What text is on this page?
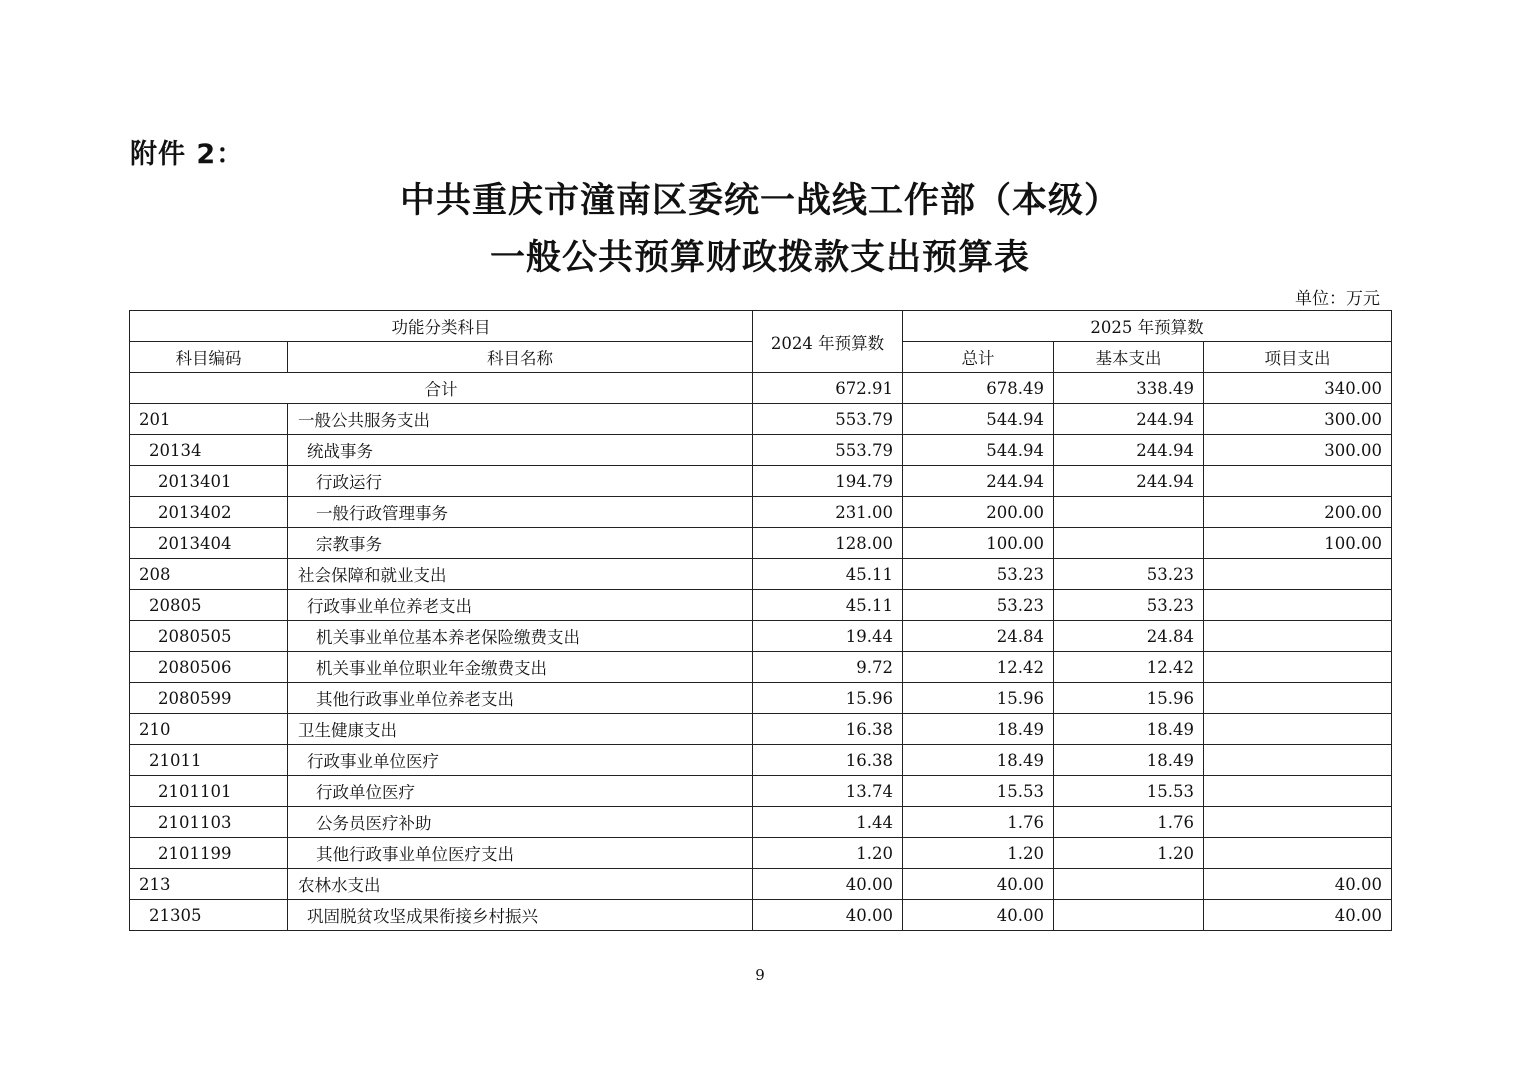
附件 2：
中共重庆市潼南区委统一战线工作部（本级）
一般公共预算财政拨款支出预算表
单位：万元
功能分类科目		2024 年预算数	2025 年预算数		
科目编码	科目名称		总计	基本支出	项目支出
合计		672.91	678.49	338.49	340.00
201	一般公共服务支出	553.79	544.94	244.94	300.00
20134	统战事务	553.79	544.94	244.94	300.00
2013401	行政运行	194.79	244.94	244.94	
2013402	一般行政管理事务	231.00	200.00		200.00
2013404	宗教事务	128.00	100.00		100.00
208	社会保障和就业支出	45.11	53.23	53.23	
20805	行政事业单位养老支出	45.11	53.23	53.23	
2080505	机关事业单位基本养老保险缴费支出	19.44	24.84	24.84	
2080506	机关事业单位职业年金缴费支出	9.72	12.42	12.42	
2080599	其他行政事业单位养老支出	15.96	15.96	15.96	
210	卫生健康支出	16.38	18.49	18.49	
21011	行政事业单位医疗	16.38	18.49	18.49	
2101101	行政单位医疗	13.74	15.53	15.53	
2101103	公务员医疗补助	1.44	1.76	1.76	
2101199	其他行政事业单位医疗支出	1.20	1.20	1.20	
213	农林水支出	40.00	40.00		40.00
21305	巩固脱贫攻坚成果衔接乡村振兴	40.00	40.00		40.00
9
